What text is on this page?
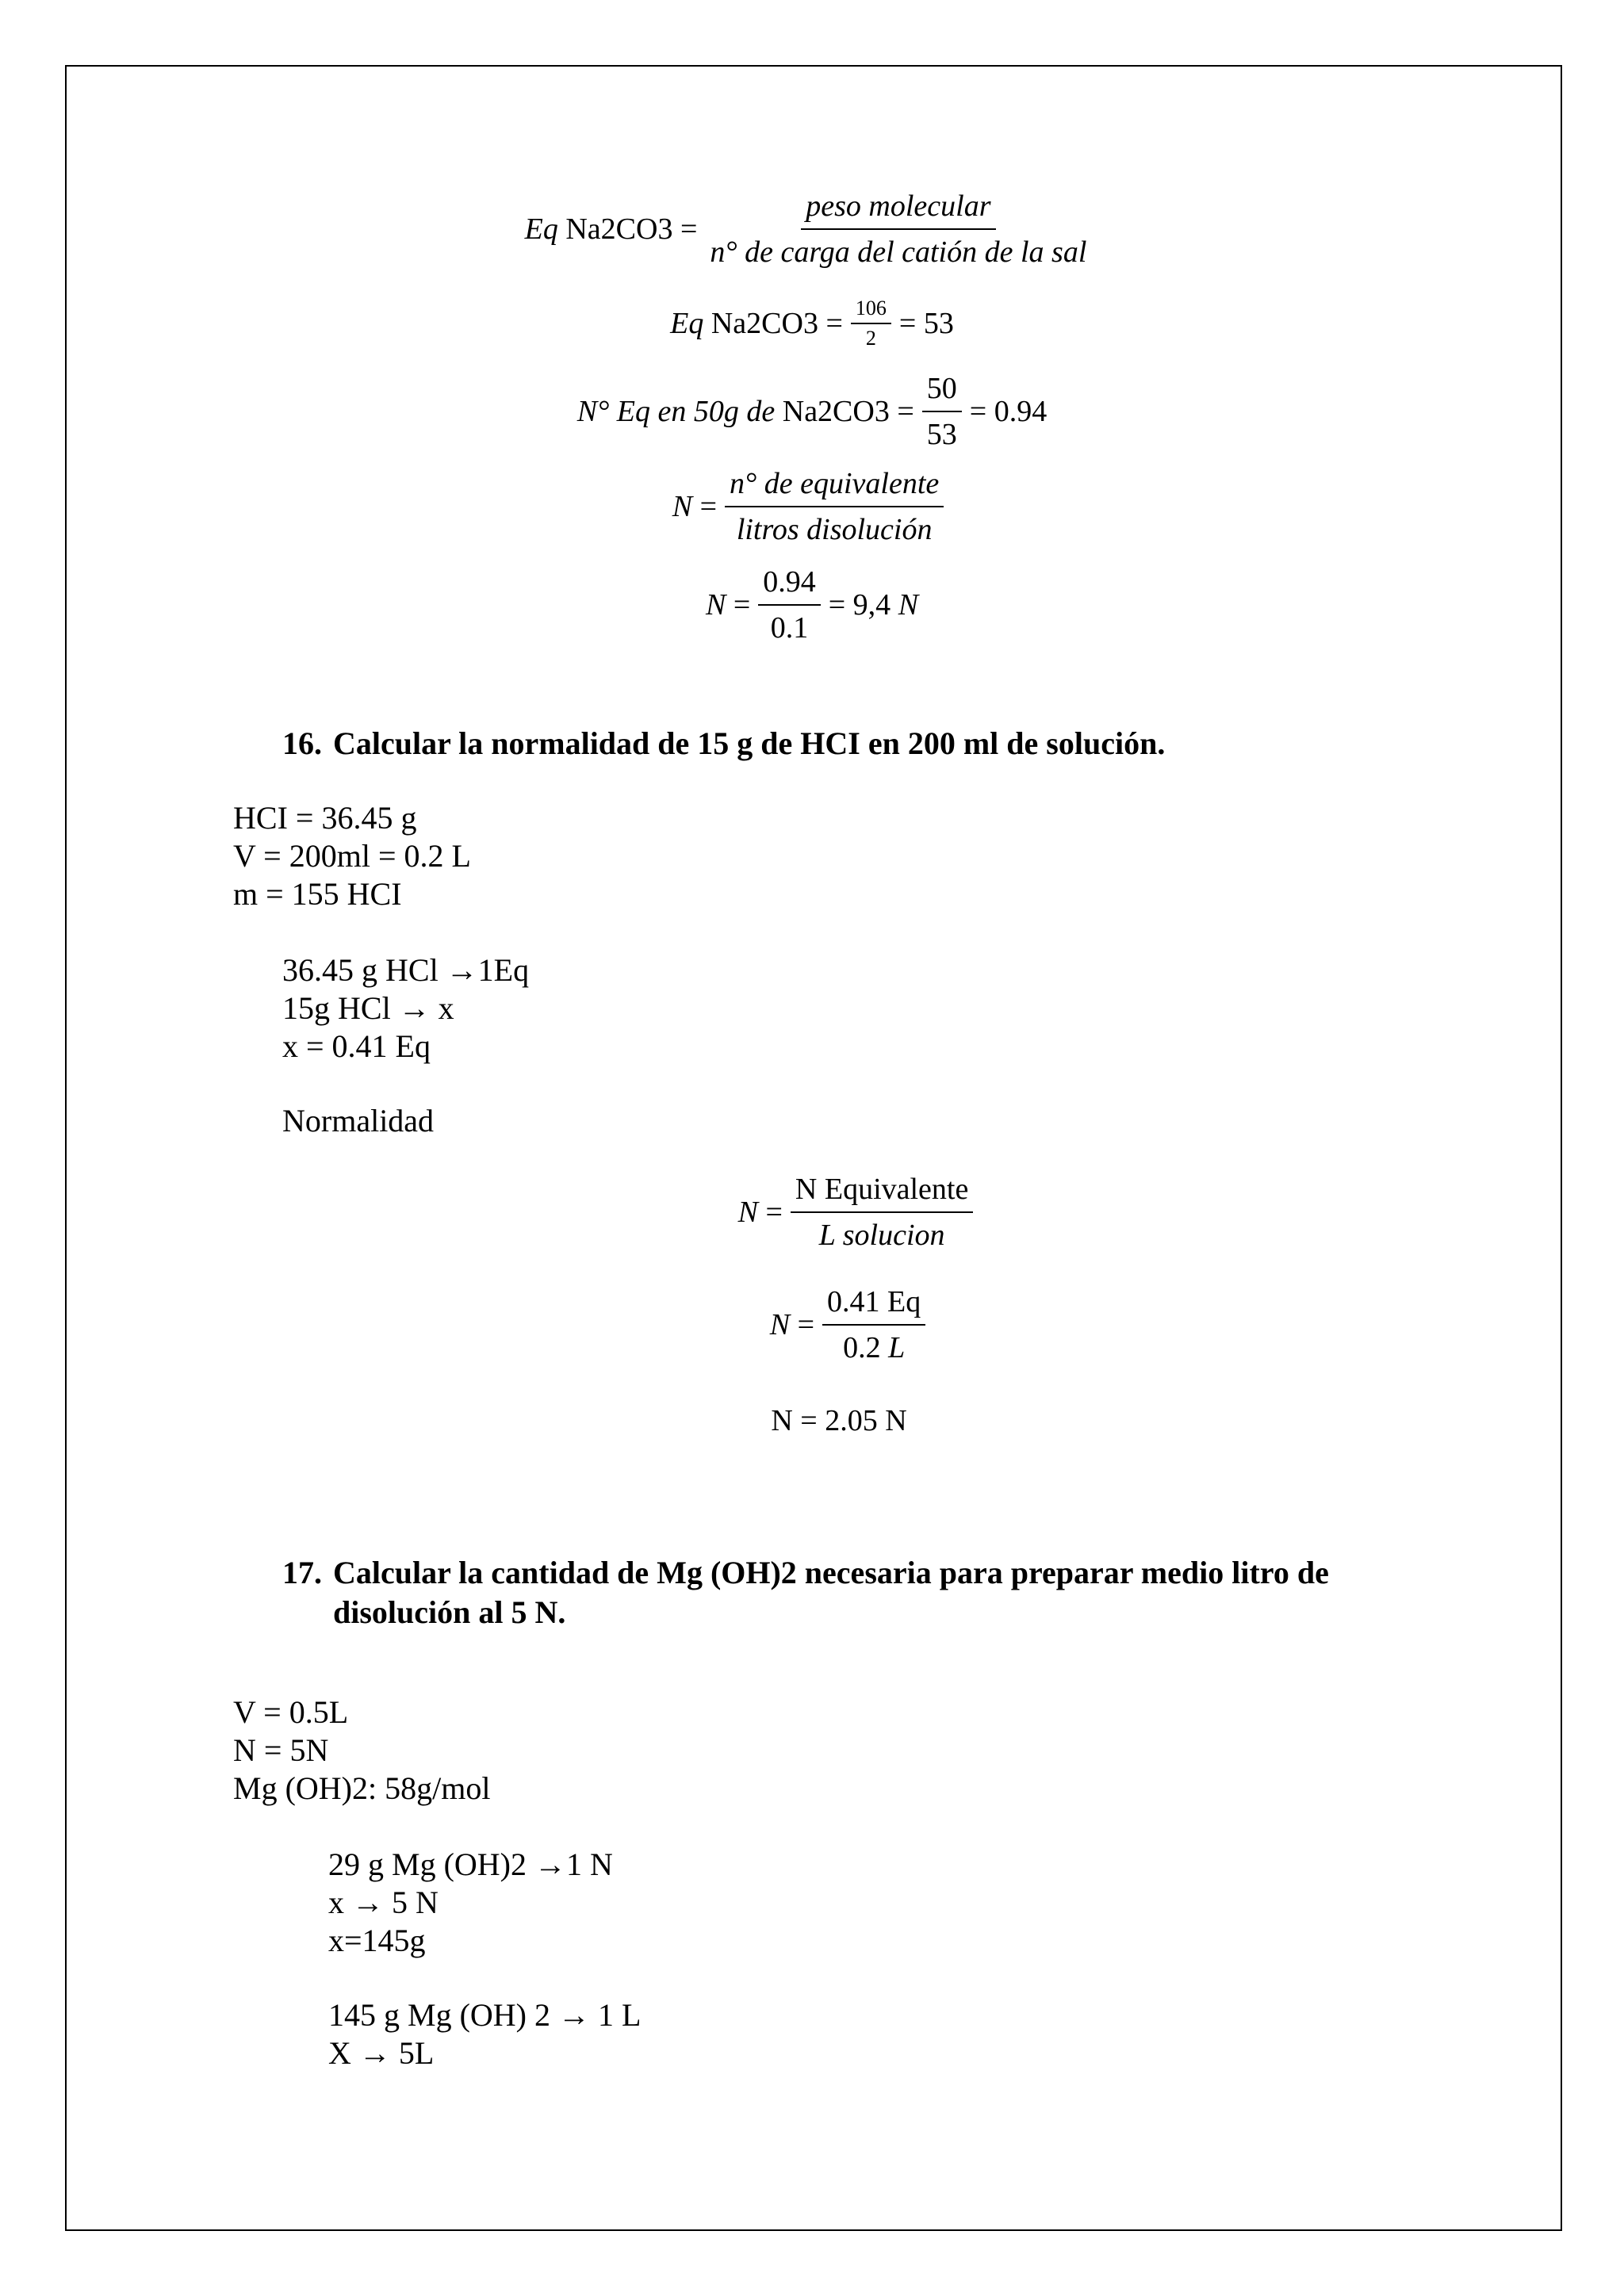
Eq
$Na2CO3 = \frac{\text{peso molecular}}{\text{n° de carga del catión de la sal}}$
Eq
$Na2CO3 = \frac{106}{2} = 53$
N° Eq en 50g de
$Na2CO3 = \frac{50}{53} = 0.94$
$N = \frac{\text{n° de equivalente}}{\text{litros disolución}}$
$N = \frac{0.94}{0.1} = 9,4$
N
16. Calcular la normalidad de 15 g de HCI en 200 ml de solución.
HCI = 36.45 g
V = 200ml = 0.2 L
m = 155 HCI
36.45 g HCl →1Eq
15g HCl → x
x = 0.41 Eq
Normalidad
$N = \frac{\text{N Equivalente}}{\text{L solucion}}$
$N = \frac{0.41 Eq}{0.2 L}$
N = 2.05 N
17. Calcular la cantidad de Mg (OH)2 necesaria para preparar medio litro de
disolución al 5 N.
V = 0.5L
N = 5N
Mg (OH)2: 58g/mol
29 g Mg (OH)2 →1 N
x → 5 N
x=145g
145 g Mg (OH) 2 → 1 L
X → 5L
